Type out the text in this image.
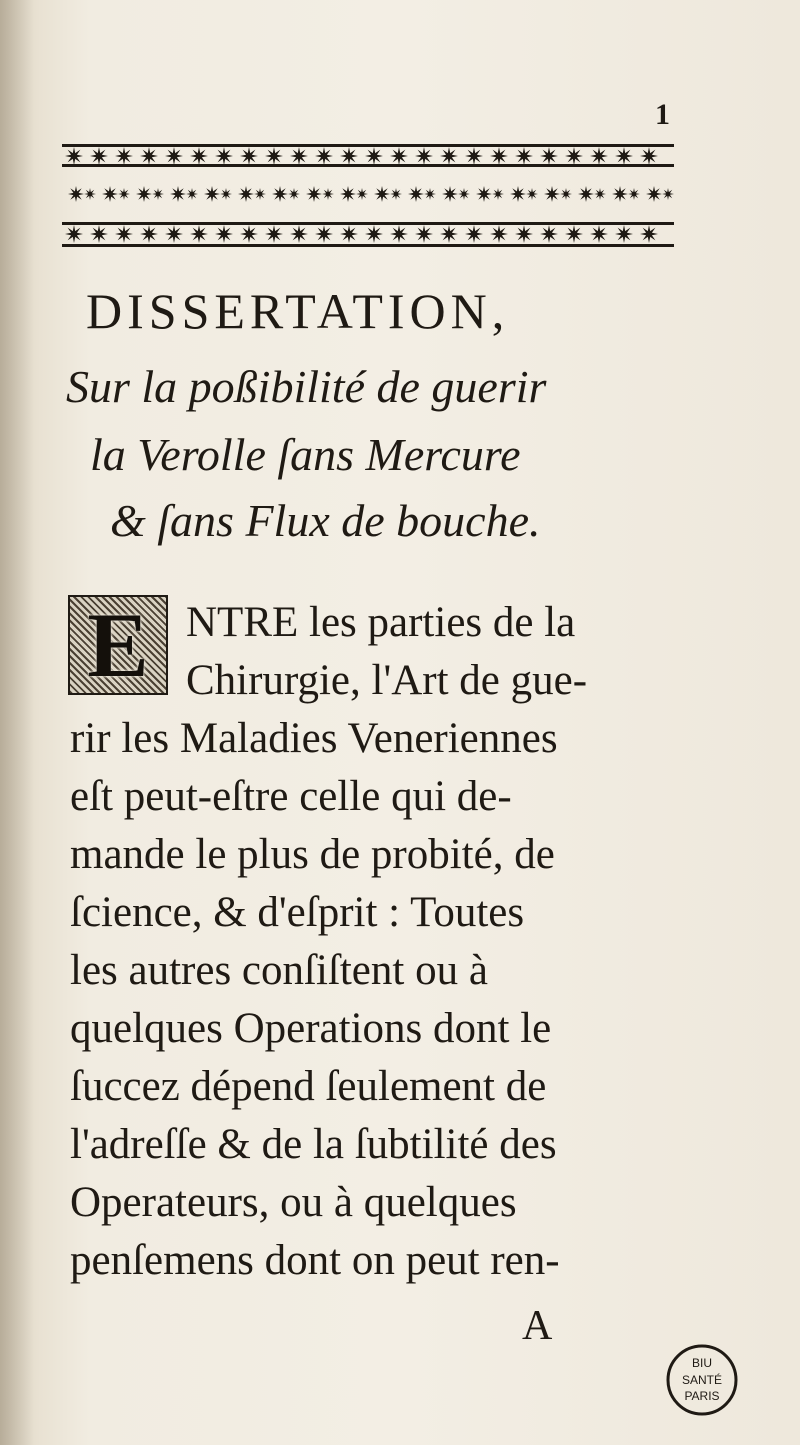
1
DISSERTATION,
Sur la poßibilité de guerir
la Verolle ſans Mercure
& ſans Flux de bouche.
E NTRE les parties de la
Chirurgie, l'Art de gue-
rir les Maladies Veneriennes
eſt peut-eſtre celle qui de-
mande le plus de probité, de
ſcience, & d'eſprit : Toutes
les autres conſiſtent ou à
quelques Operations dont le
ſuccez dépend ſeulement de
l'adreſſe & de la ſubtilité des
Operateurs, ou à quelques
penſemens dont on peut ren-
A
BIU
SANTÉ
PARIS
